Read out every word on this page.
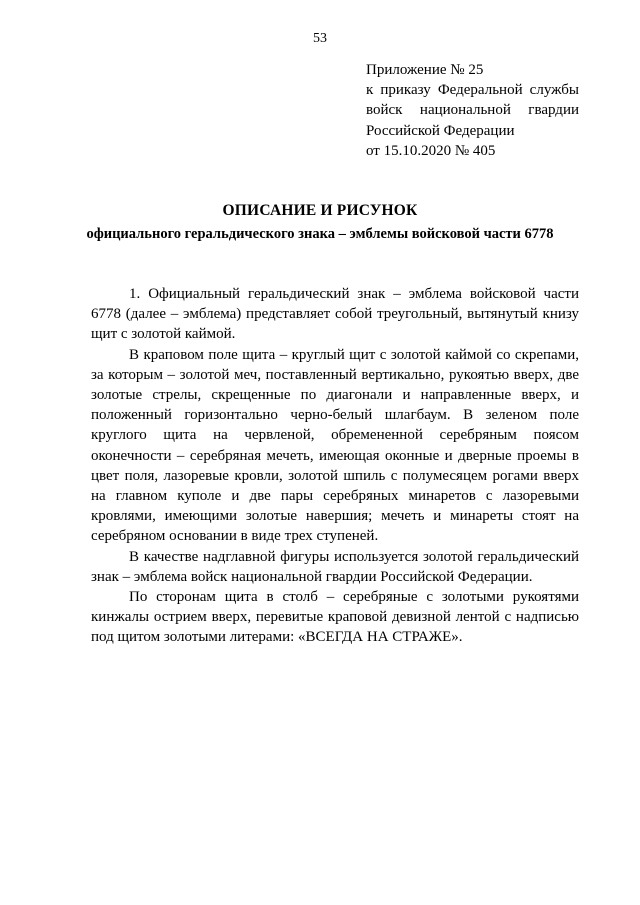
53
Приложение № 25
к приказу Федеральной службы
войск национальной гвардии
Российской Федерации
от 15.10.2020 № 405
ОПИСАНИЕ И РИСУНОК
официального геральдического знака – эмблемы войсковой части 6778

1. Официальный геральдический знак – эмблема войсковой части 6778 (далее – эмблема) представляет собой треугольный, вытянутый книзу щит с золотой каймой.

В краповом поле щита – круглый щит с золотой каймой со скрепами, за которым – золотой меч, поставленный вертикально, рукоятью вверх, две золотые стрелы, скрещенные по диагонали и направленные вверх, и положенный горизонтально черно-белый шлагбаум. В зеленом поле круглого щита на червленой, обремененной серебряным поясом оконечности – серебряная мечеть, имеющая оконные и дверные проемы в цвет поля, лазоревые кровли, золотой шпиль с полумесяцем рогами вверх на главном куполе и две пары серебряных минаретов с лазоревыми кровлями, имеющими золотые навершия; мечеть и минареты стоят на серебряном основании в виде трех ступеней.

В качестве надглавной фигуры используется золотой геральдический знак – эмблема войск национальной гвардии Российской Федерации.

По сторонам щита в столб – серебряные с золотыми рукоятями кинжалы острием вверх, перевитые краповой девизной лентой с надписью под щитом золотыми литерами: «ВСЕГДА НА СТРАЖЕ».
